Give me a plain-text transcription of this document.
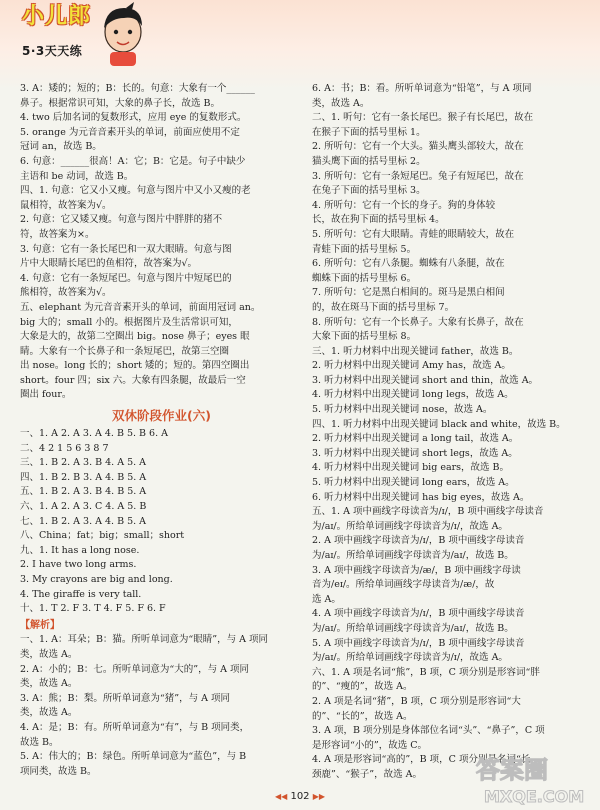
小儿郎
5·3天天练
3. A：矮的；短的；B：长的。句意：大象有一个______
鼻子。根据常识可知，大象的鼻子长，故选 B。
4. two 后加名词的复数形式，应用 eye 的复数形式。
5. orange 为元音音素开头的单词，前面应使用不定
冠词 an，故选 B。
6. 句意：______很高！A：它；B：它是。句子中缺少
主语和 be 动词，故选 B。
四、1. 句意：它又小又瘦。句意与图片中又小又瘦的老
鼠相符，故答案为√。
2. 句意：它又矮又瘦。句意与图片中胖胖的猪不
符，故答案为×。
3. 句意：它有一条长尾巴和一双大眼睛。句意与图
片中大眼睛长尾巴的鱼相符，故答案为√。
4. 句意：它有一条短尾巴。句意与图片中短尾巴的
熊相符，故答案为√。
五、elephant 为元音音素开头的单词，前面用冠词 an。
big 大的；small 小的。根据图片及生活常识可知，
大象是大的，故第二空圈出 big。nose 鼻子；eyes 眼
睛。大象有一个长鼻子和一条短尾巴，故第三空圈
出 nose。long 长的；short 矮的；短的。第四空圈出
short。four 四；six 六。大象有四条腿，故最后一空
圈出 four。
双休阶段作业(六)
一、1. A 2. A 3. A 4. B 5. B 6. A
二、4 2 1 5 6 3 8 7
三、1. B 2. A 3. B 4. A 5. A
四、1. B 2. B 3. A 4. B 5. A
五、1. B 2. A 3. B 4. B 5. A
六、1. A 2. A 3. C 4. A 5. B
七、1. B 2. A 3. A 4. B 5. A
八、China；fat；big；small；short
九、1. It has a long nose.
2. I have two long arms.
3. My crayons are big and long.
4. The giraffe is very tall.
十、1. T 2. F 3. T 4. F 5. F 6. F
【解析】
一、1. A：耳朵；B：猫。所听单词意为“眼睛”，与 A 项同
类，故选 A。
2. A：小的；B：七。所听单词意为“大的”，与 A 项同
类，故选 A。
3. A：熊；B：梨。所听单词意为“猪”，与 A 项同
类，故选 A。
4. A：是；B：有。所听单词意为“有”，与 B 项同类，
故选 B。
5. A：伟大的；B：绿色。所听单词意为“蓝色”，与 B
项同类，故选 B。
6. A：书；B：看。所听单词意为“铅笔”，与 A 项同
类，故选 A。
二、1. 听句：它有一条长尾巴。猴子有长尾巴，故在
在猴子下面的括号里标 1。
2. 所听句：它有一个大头。猫头鹰头部较大，故在
猫头鹰下面的括号里标 2。
3. 所听句：它有一条短尾巴。兔子有短尾巴，故在
在兔子下面的括号里标 3。
4. 所听句：它有一个长的身子。狗的身体较
长，故在狗下面的括号里标 4。
5. 所听句：它有大眼睛。青蛙的眼睛较大，故在
青蛙下面的括号里标 5。
6. 所听句：它有八条腿。蜘蛛有八条腿，故在
蜘蛛下面的括号里标 6。
7. 所听句：它是黑白相间的。斑马是黑白相间
的，故在斑马下面的括号里标 7。
8. 所听句：它有一个长鼻子。大象有长鼻子，故在
大象下面的括号里标 8。
三、1. 听力材料中出现关键词 father，故选 B。
2. 听力材料中出现关键词 Amy has，故选 A。
3. 听力材料中出现关键词 short and thin，故选 A。
4. 听力材料中出现关键词 long legs，故选 A。
5. 听力材料中出现关键词 nose，故选 A。
四、1. 听力材料中出现关键词 black and white，故选 B。
2. 听力材料中出现关键词 a long tail，故选 A。
3. 听力材料中出现关键词 short legs，故选 A。
4. 听力材料中出现关键词 big ears，故选 B。
5. 听力材料中出现关键词 long ears，故选 A。
6. 听力材料中出现关键词 has big eyes，故选 A。
五、1. A 项中画线字母读音为/ɪ/，B 项中画线字母读音
为/aɪ/。所给单词画线字母读音为/ɪ/，故选 A。
2. A 项中画线字母读音为/ɪ/，B 项中画线字母读音
为/aɪ/。所给单词画线字母读音为/aɪ/，故选 B。
3. A 项中画线字母读音为/æ/，B 项中画线字母读
音为/eɪ/。所给单词画线字母读音为/æ/，故
选 A。
4. A 项中画线字母读音为/ɪ/，B 项中画线字母读音
为/aɪ/。所给单词画线字母读音为/aɪ/，故选 B。
5. A 项中画线字母读音为/ɪ/，B 项中画线字母读音
为/aɪ/。所给单词画线字母读音为/ɪ/，故选 A。
六、1. A 项是名词“熊”，B 项，C 项分别是形容词“胖
的”、“瘦的”，故选 A。
2. A 项是名词“猪”，B 项，C 项分别是形容词“大
的”、“长的”，故选 A。
3. A 项，B 项分别是身体部位名词“头”、“鼻子”，C 项
是形容词“小的”，故选 C。
4. A 项是形容词“高的”，B 项，C 项分别是名词“长
颈鹿”、“猴子”，故选 A。
◀◀ 102 ▶▶
答案圈
MXQE.COM
